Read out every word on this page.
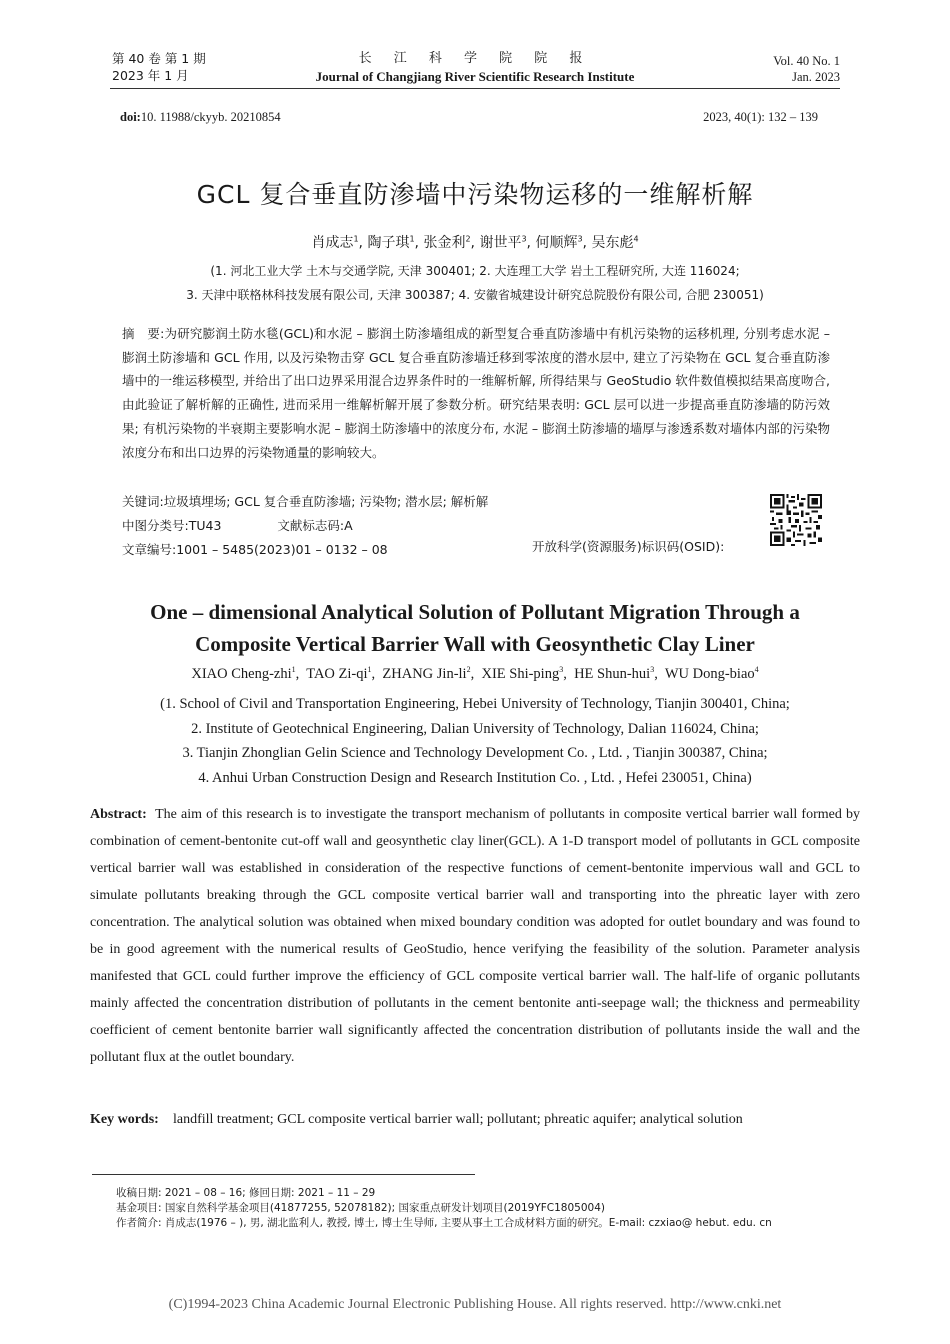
第 40 卷 第 1 期
2023 年 1 月
长 江 科 学 院 院 报
Journal of Changjiang River Scientific Research Institute
Vol. 40 No. 1
Jan. 2023
doi:10. 11988/ckyyb. 20210854	2023, 40(1): 132 – 139
GCL 复合垂直防渗墙中污染物运移的一维解析解
肖成志$^1$, 陶子琪$^1$, 张金利$^2$, 谢世平$^3$, 何顺辉$^3$, 吴东彪$^4$
(1. 河北工业大学 土木与交通学院, 天津 300401; 2. 大连理工大学 岩土工程研究所, 大连 116024;
3. 天津中联格林科技发展有限公司, 天津 300387; 4. 安徽省城建设计研究总院股份有限公司, 合肥 230051)
摘　要:为研究膨润土防水毯(GCL)和水泥 – 膨润土防渗墙组成的新型复合垂直防渗墙中有机污染物的运移机理, 分别考虑水泥 – 膨润土防渗墙和 GCL 作用, 以及污染物击穿 GCL 复合垂直防渗墙迁移到零浓度的潜水层中, 建立了污染物在 GCL 复合垂直防渗墙中的一维运移模型, 并给出了出口边界采用混合边界条件时的一维解析解, 所得结果与 GeoStudio 软件数值模拟结果高度吻合, 由此验证了解析解的正确性, 进而采用一维解析解开展了参数分析。研究结果表明: GCL 层可以进一步提高垂直防渗墙的防污效果; 有机污染物的半衰期主要影响水泥 – 膨润土防渗墙中的浓度分布, 水泥 – 膨润土防渗墙的墙厚与渗透系数对墙体内部的污染物浓度分布和出口边界的污染物通量的影响较大。
关键词:垃圾填埋场; GCL 复合垂直防渗墙; 污染物; 潜水层; 解析解
中图分类号:TU43	文献标志码:A
文章编号:1001 – 5485(2023)01 – 0132 – 08	开放科学(资源服务)标识码(OSID):
One – dimensional Analytical Solution of Pollutant Migration Through a
Composite Vertical Barrier Wall with Geosynthetic Clay Liner
XIAO Cheng-zhi$^1$,  TAO $Zi-qi^1$,  ZHANG Jin-$li^2$,  XIE Shi-ping$^3$,  HE Shun-hui$^3$,  WU Dong-biao$^4$
(1. School of Civil and Transportation Engineering, Hebei University of Technology, Tianjin 300401, China;
2. Institute of Geotechnical Engineering, Dalian University of Technology, Dalian 116024, China;
3. Tianjin Zhonglian Gelin Science and Technology Development Co. , Ltd. , Tianjin 300387, China;
4. Anhui Urban Construction Design and Research Institution Co. , Ltd. , Hefei 230051, China)
Abstract: The aim of this research is to investigate the transport mechanism of pollutants in composite vertical barrier wall formed by combination of cement-bentonite cut-off wall and geosynthetic clay liner(GCL). A 1-D transport model of pollutants in GCL composite vertical barrier wall was established in consideration of the respective functions of cement-bentonite impervious wall and GCL to simulate pollutants breaking through the GCL composite vertical barrier wall and transporting into the phreatic layer with zero concentration. The analytical solution was obtained when mixed boundary condition was adopted for outlet boundary and was found to be in good agreement with the numerical results of GeoStudio, hence verifying the feasibility of the solution. Parameter analysis manifested that GCL could further improve the efficiency of GCL composite vertical barrier wall. The half-life of organic pollutants mainly affected the concentration distribution of pollutants in the cement bentonite anti-seepage wall; the thickness and permeability coefficient of cement bentonite barrier wall significantly affected the concentration distribution of pollutants inside the wall and the pollutant flux at the outlet boundary.
Key words: landfill treatment; GCL composite vertical barrier wall; pollutant; phreatic aquifer; analytical solution
收稿日期: 2021 – 08 – 16; 修回日期: 2021 – 11 – 29
基金项目: 国家自然科学基金项目(41877255, 52078182); 国家重点研发计划项目(2019YFC1805004)
作者简介: 肖成志(1976 – ), 男, 湖北监利人, 教授, 博士, 博士生导师, 主要从事土工合成材料方面的研究。E-mail: czxiao@ hebut. edu. cn
(C)1994-2023 China Academic Journal Electronic Publishing House. All rights reserved. http://www.cnki.net
